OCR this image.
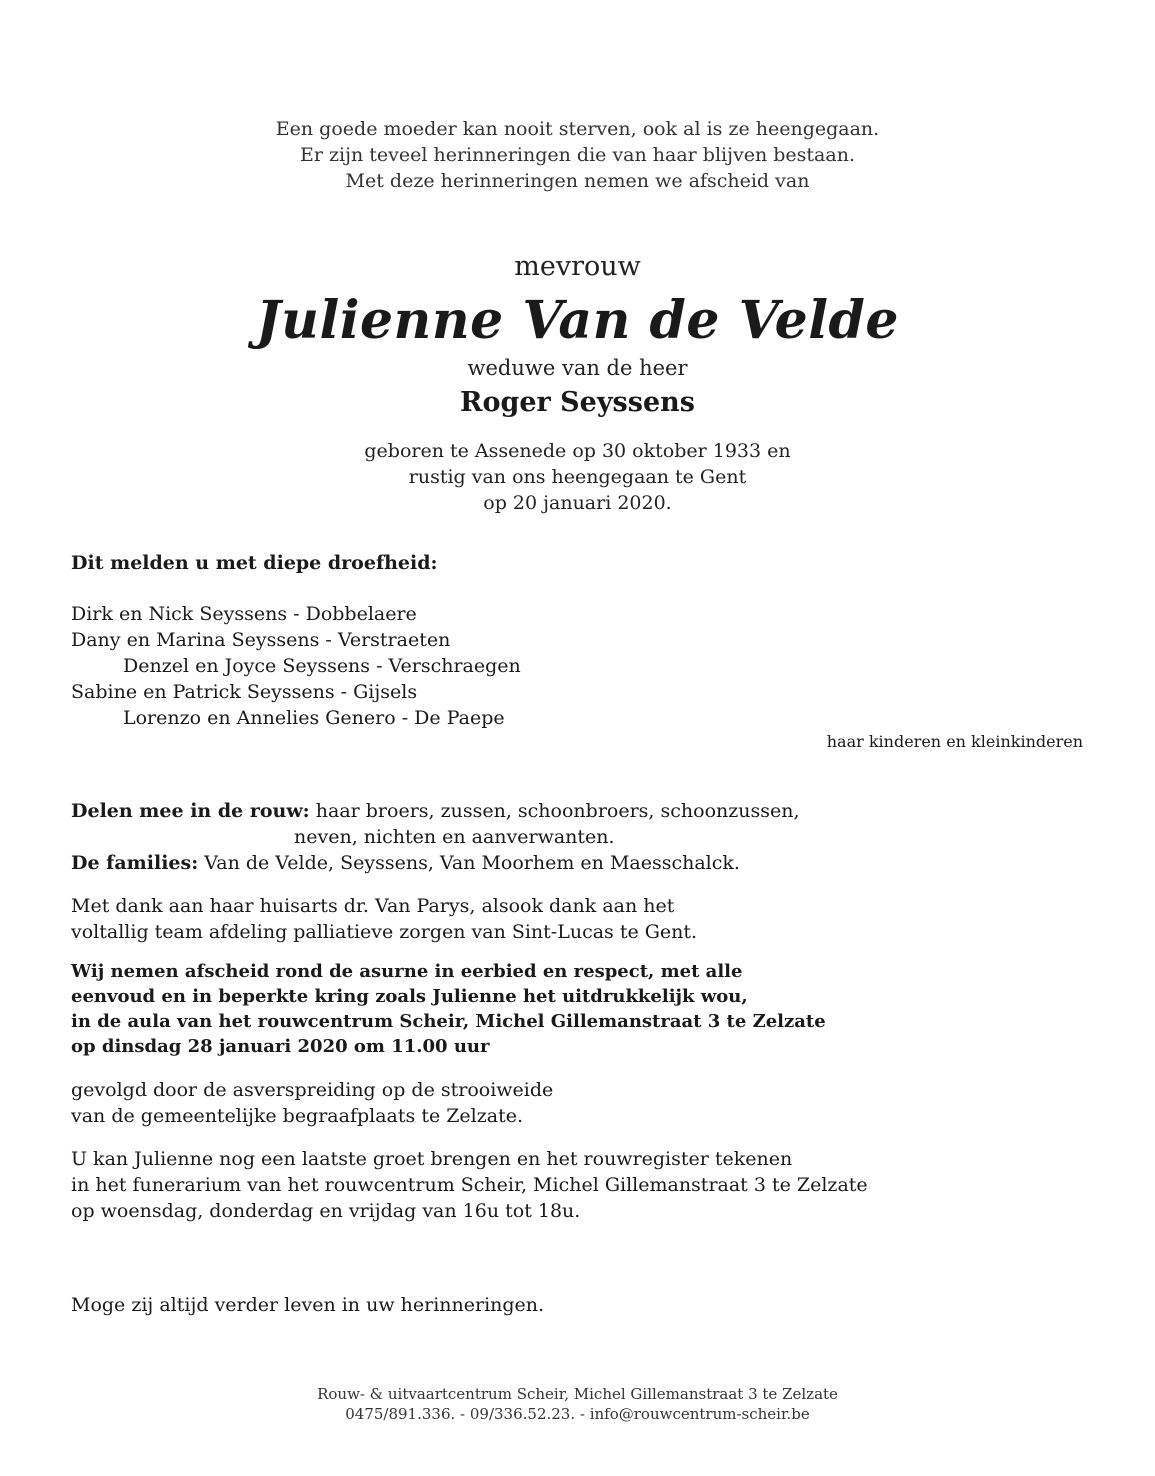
Een goede moeder kan nooit sterven, ook al is ze heengegaan.
Er zijn teveel herinneringen die van haar blijven bestaan.
Met deze herinneringen nemen we afscheid van
mevrouw
Julienne Van de Velde
weduwe van de heer
Roger Seyssens
geboren te Assenede op 30 oktober 1933 en
rustig van ons heengegaan te Gent
op 20 januari 2020.
Dit melden u met diepe droefheid:
Dirk en Nick Seyssens - Dobbelaere
Dany en Marina Seyssens - Verstraeten
Denzel en Joyce Seyssens - Verschraegen
Sabine en Patrick Seyssens - Gijsels
Lorenzo en Annelies Genero - De Paepe
haar kinderen en kleinkinderen
Delen mee in de rouw: haar broers, zussen, schoonbroers, schoonzussen,
neven, nichten en aanverwanten.
De families: Van de Velde, Seyssens, Van Moorhem en Maesschalck.
Met dank aan haar huisarts dr. Van Parys, alsook dank aan het
voltallig team afdeling palliatieve zorgen van Sint-Lucas te Gent.
Wij nemen afscheid rond de asurne in eerbied en respect, met alle
eenvoud en in beperkte kring zoals Julienne het uitdrukkelijk wou,
in de aula van het rouwcentrum Scheir, Michel Gillemanstraat 3 te Zelzate
op dinsdag 28 januari 2020 om 11.00 uur
gevolgd door de asverspreiding op de strooiweide
van de gemeentelijke begraafplaats te Zelzate.
U kan Julienne nog een laatste groet brengen en het rouwregister tekenen
in het funerarium van het rouwcentrum Scheir, Michel Gillemanstraat 3 te Zelzate
op woensdag, donderdag en vrijdag van 16u tot 18u.
Moge zij altijd verder leven in uw herinneringen.
Rouw- & uitvaartcentrum Scheir, Michel Gillemanstraat 3 te Zelzate
0475/891.336. - 09/336.52.23. - info@rouwcentrum-scheir.be
